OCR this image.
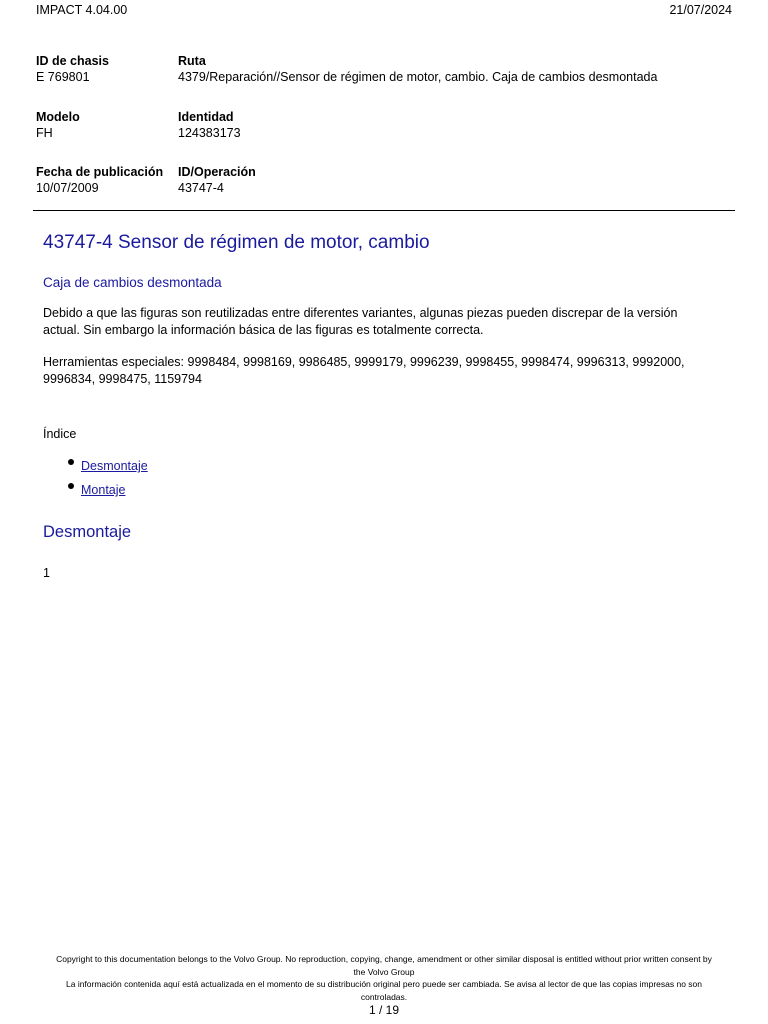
IMPACT 4.04.00	21/07/2024
ID de chasis
E 769801
Ruta
4379/Reparación//Sensor de régimen de motor, cambio. Caja de cambios desmontada
Modelo
FH
Identidad
124383173
Fecha de publicación
10/07/2009
ID/Operación
43747-4
43747-4 Sensor de régimen de motor, cambio
Caja de cambios desmontada
Debido a que las figuras son reutilizadas entre diferentes variantes, algunas piezas pueden discrepar de la versión
actual. Sin embargo la información básica de las figuras es totalmente correcta.
Herramientas especiales: 9998484, 9998169, 9986485, 9999179, 9996239, 9998455, 9998474, 9996313, 9992000,
9996834, 9998475, 1159794
Índice
Desmontaje
Montaje
Desmontaje
1
Copyright to this documentation belongs to the Volvo Group. No reproduction, copying, change, amendment or other similar disposal is entitled without prior written consent by
the Volvo Group
La información contenida aquí está actualizada en el momento de su distribución original pero puede ser cambiada. Se avisa al lector de que las copias impresas no son
controladas.
1 / 19
